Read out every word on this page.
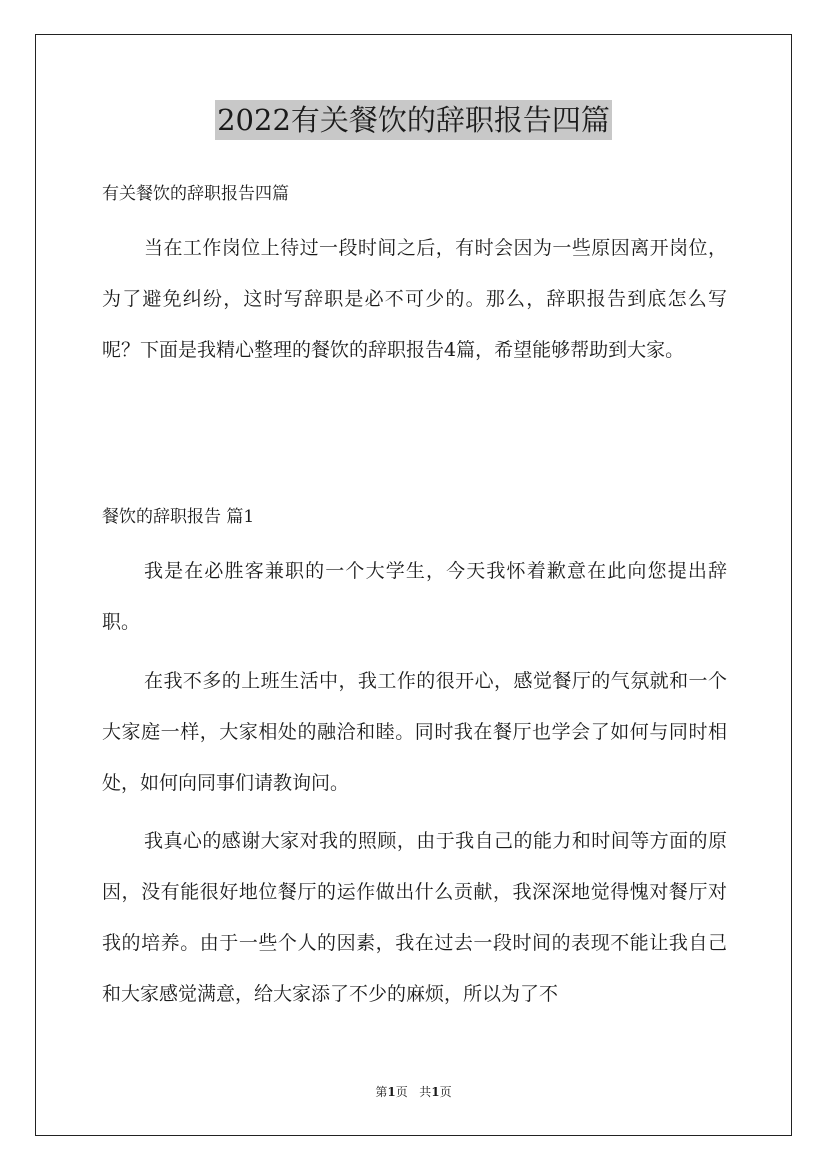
2022有关餐饮的辞职报告四篇

有关餐饮的辞职报告四篇

当在工作岗位上待过一段时间之后，有时会因为一些原因离开岗位，为了避免纠纷，这时写辞职是必不可少的。那么，辞职报告到底怎么写呢？下面是我精心整理的餐饮的辞职报告4篇，希望能够帮助到大家。

餐饮的辞职报告 篇1

我是在必胜客兼职的一个大学生，今天我怀着歉意在此向您提出辞职。

在我不多的上班生活中，我工作的很开心，感觉餐厅的气氛就和一个大家庭一样，大家相处的融洽和睦。同时我在餐厅也学会了如何与同时相处，如何向同事们请教询问。

我真心的感谢大家对我的照顾，由于我自己的能力和时间等方面的原因，没有能很好地位餐厅的运作做出什么贡献，我深深地觉得愧对餐厅对我的培养。由于一些个人的因素，我在过去一段时间的表现不能让我自己和大家感觉满意，给大家添了不少的麻烦，所以为了不

第1页 共1页
